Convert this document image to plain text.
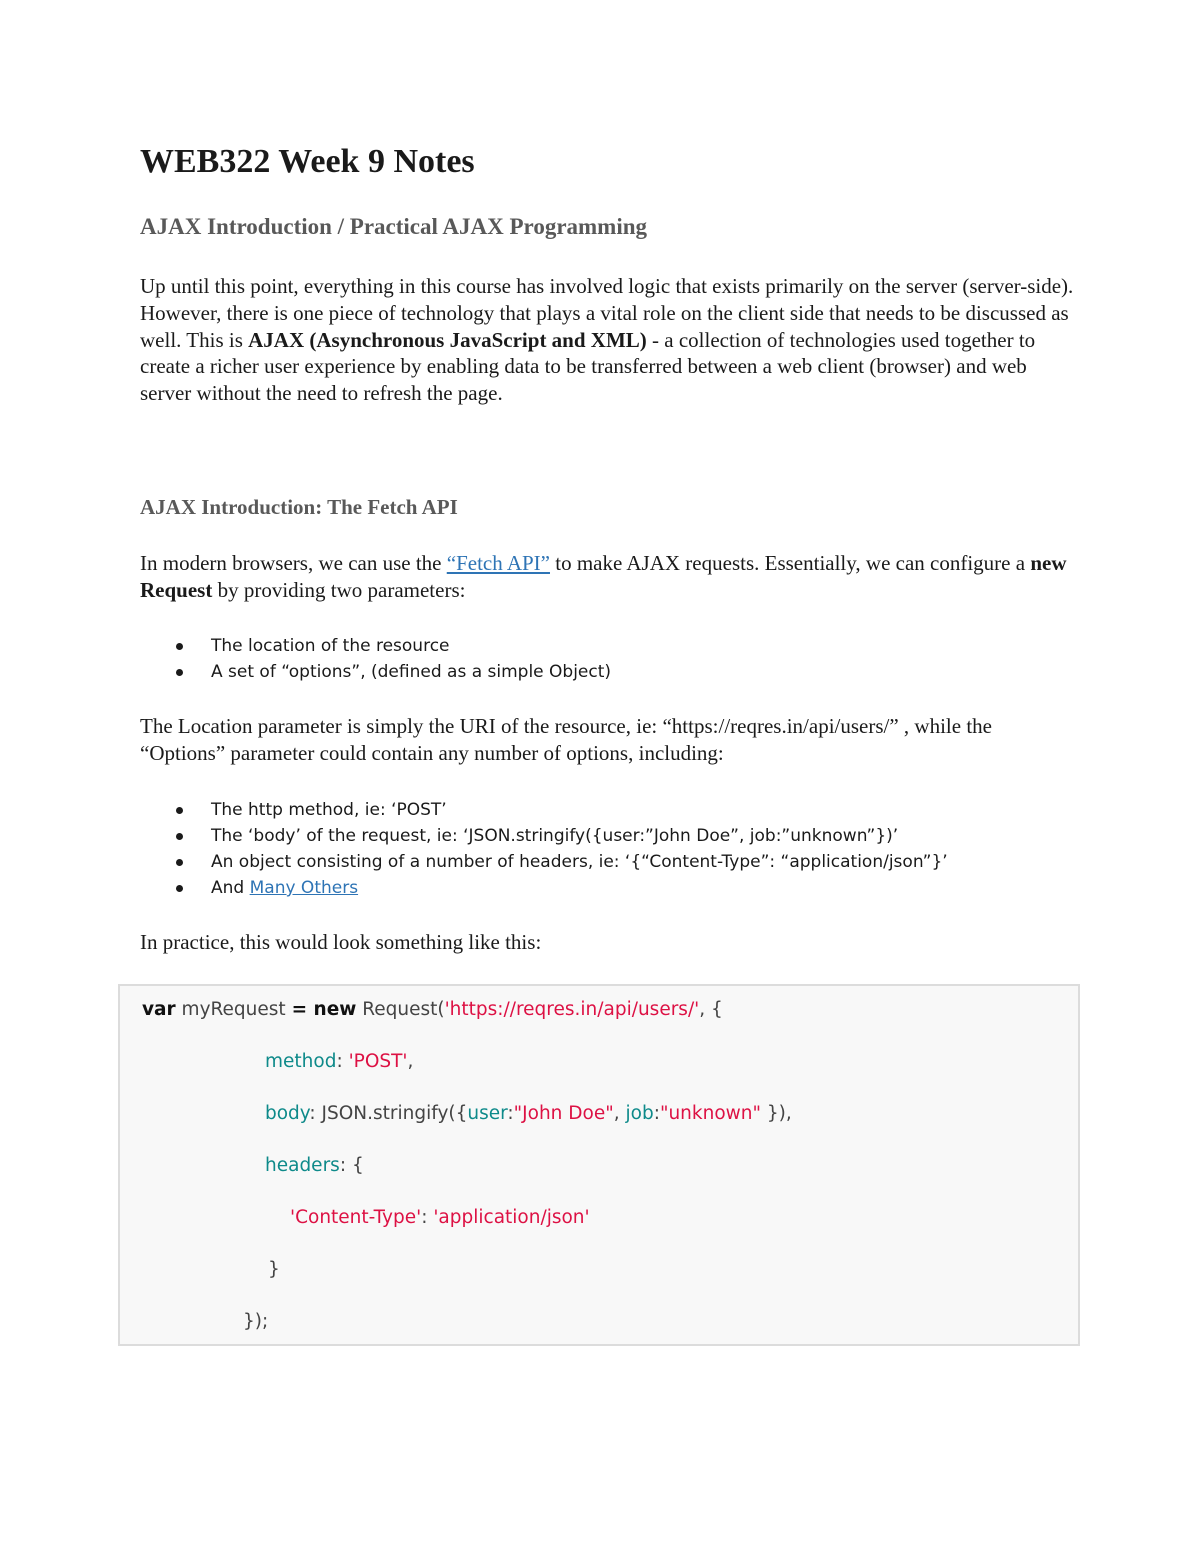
WEB322 Week 9 Notes
AJAX Introduction / Practical AJAX Programming

Up until this point, everything in this course has involved logic that exists primarily on the server (server-side). However, there is one piece of technology that plays a vital role on the client side that needs to be discussed as well. This is AJAX (Asynchronous JavaScript and XML) - a collection of technologies used together to create a richer user experience by enabling data to be transferred between a web client (browser) and web server without the need to refresh the page.

AJAX Introduction: The Fetch API

In modern browsers, we can use the “Fetch API” to make AJAX requests. Essentially, we can configure a new Request by providing two parameters:

The location of the resource
A set of “options”, (defined as a simple Object)

The Location parameter is simply the URI of the resource, ie: “https://reqres.in/api/users/” , while the “Options” parameter could contain any number of options, including:

The http method, ie: ‘POST’
The ‘body’ of the request, ie: ‘JSON.stringify({user:”John Doe”, job:”unknown”})’
An object consisting of a number of headers, ie: ‘{“Content-Type”: “application/json”}’
And Many Others

In practice, this would look something like this:

var myRequest = new Request('https://reqres.in/api/users/', {
method: 'POST',
body: JSON.stringify({user:"John Doe", job:"unknown" }),
headers: {
'Content-Type': 'application/json'
}
});
